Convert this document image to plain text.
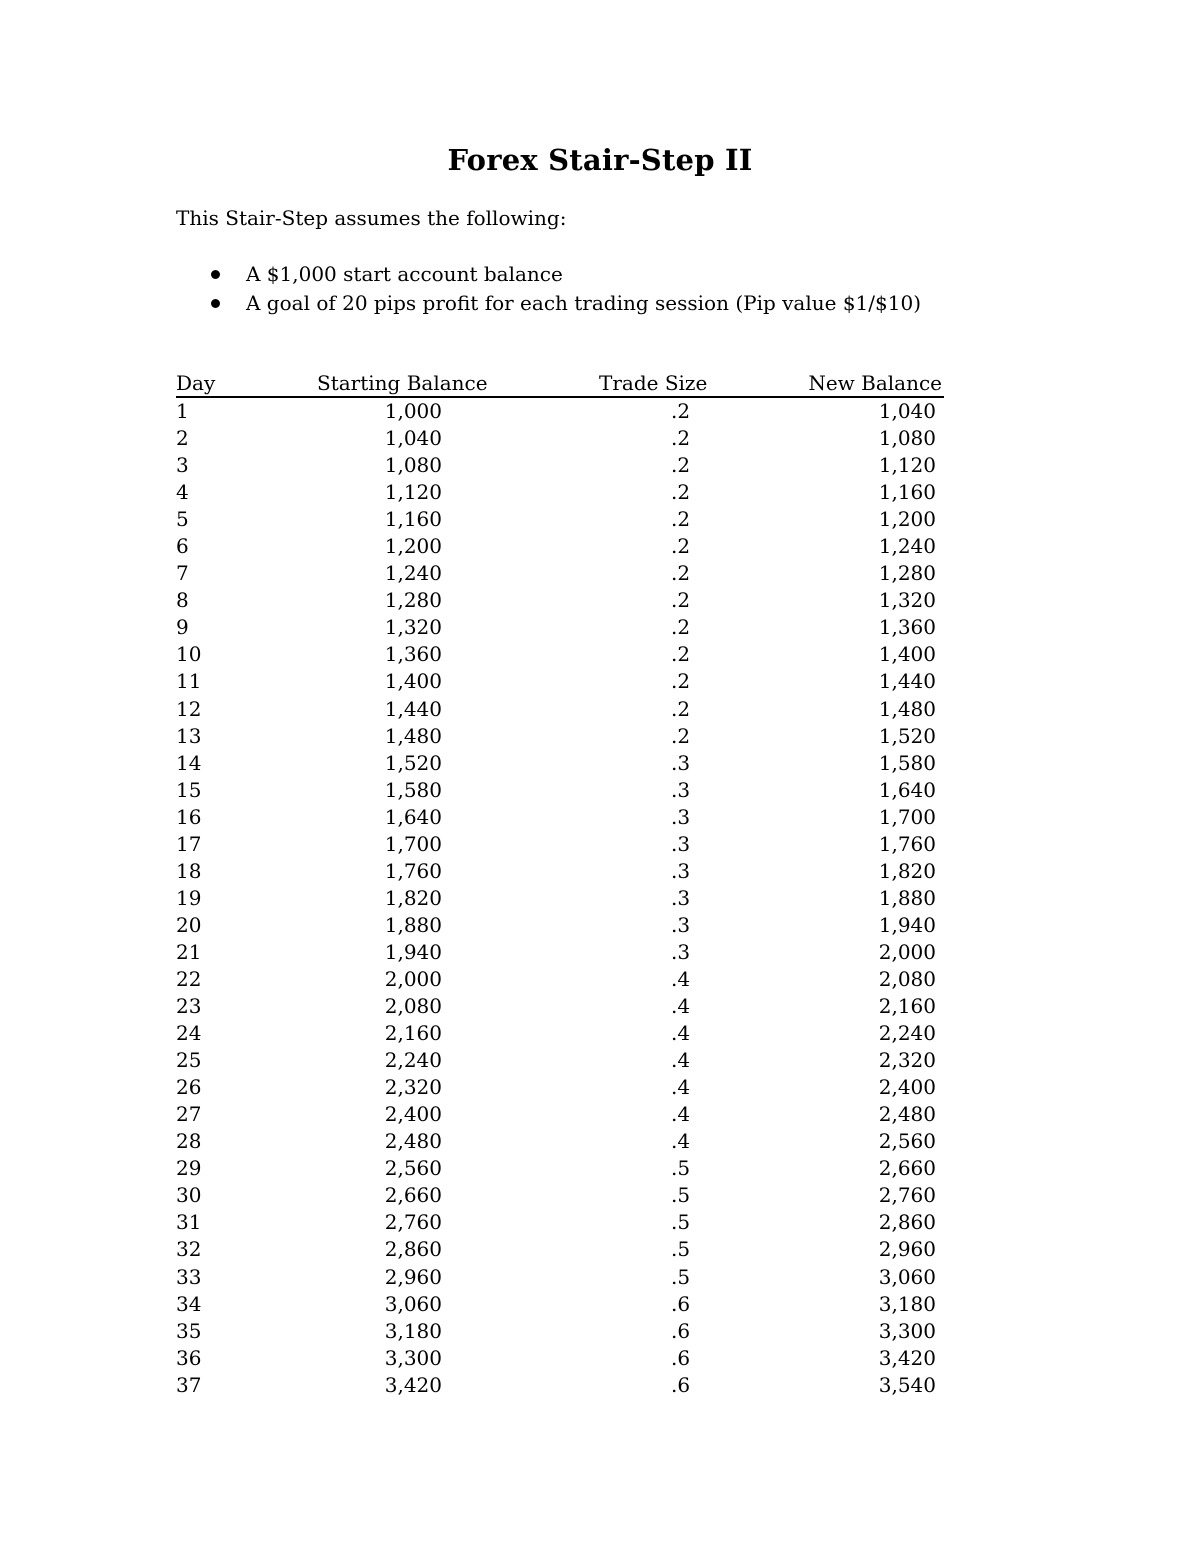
Forex Stair-Step II
This Stair-Step assumes the following:
A $1,000 start account balance
A goal of 20 pips profit for each trading session (Pip value $1/$10)
Day	Starting Balance	Trade Size	New Balance
1	1,000	.2	1,040
2	1,040	.2	1,080
3	1,080	.2	1,120
4	1,120	.2	1,160
5	1,160	.2	1,200
6	1,200	.2	1,240
7	1,240	.2	1,280
8	1,280	.2	1,320
9	1,320	.2	1,360
10	1,360	.2	1,400
11	1,400	.2	1,440
12	1,440	.2	1,480
13	1,480	.2	1,520
14	1,520	.3	1,580
15	1,580	.3	1,640
16	1,640	.3	1,700
17	1,700	.3	1,760
18	1,760	.3	1,820
19	1,820	.3	1,880
20	1,880	.3	1,940
21	1,940	.3	2,000
22	2,000	.4	2,080
23	2,080	.4	2,160
24	2,160	.4	2,240
25	2,240	.4	2,320
26	2,320	.4	2,400
27	2,400	.4	2,480
28	2,480	.4	2,560
29	2,560	.5	2,660
30	2,660	.5	2,760
31	2,760	.5	2,860
32	2,860	.5	2,960
33	2,960	.5	3,060
34	3,060	.6	3,180
35	3,180	.6	3,300
36	3,300	.6	3,420
37	3,420	.6	3,540
